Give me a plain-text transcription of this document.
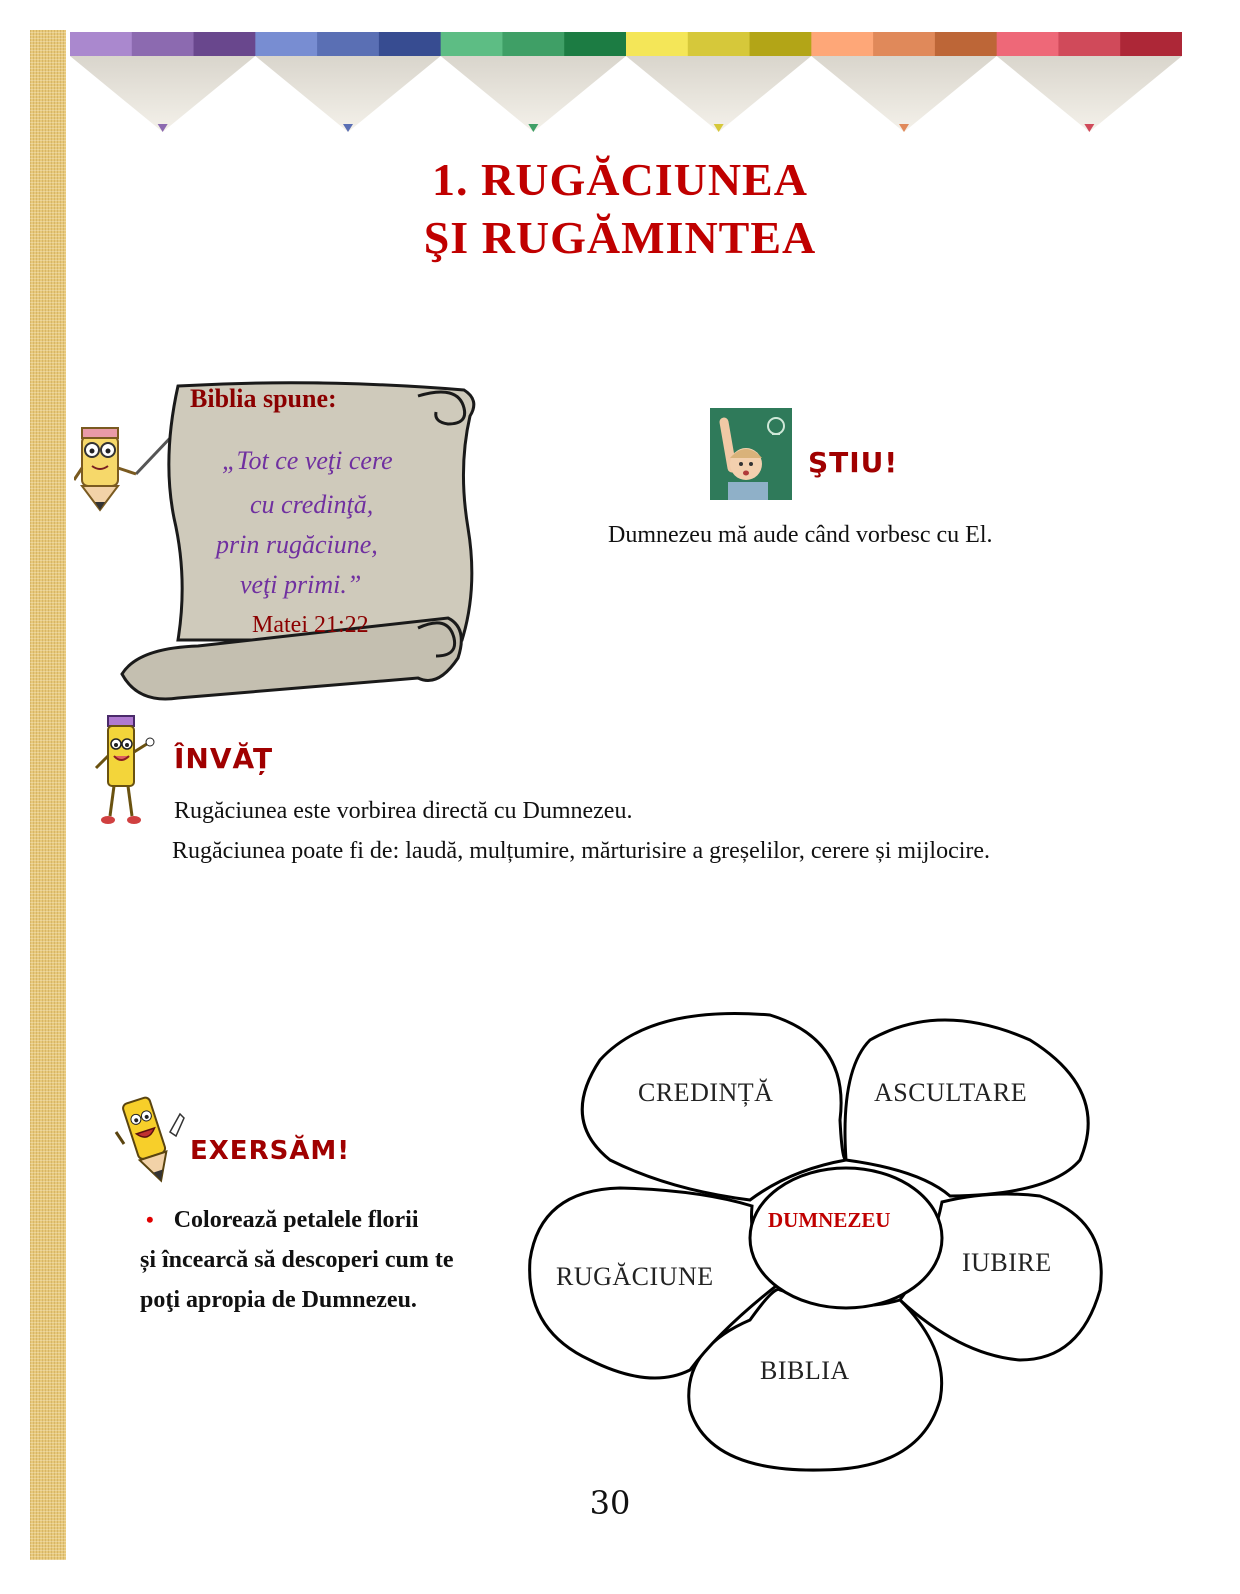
1. RUGĂCIUNEA
ŞI RUGĂMINTEA
Biblia spune:
„Tot ce veţi cere
cu credinţă,
prin rugăciune,
veţi primi.”
Matei 21:22
ŞTIU!
Dumnezeu mă aude când vorbesc cu El.
ÎNVĂȚ
Rugăciunea este vorbirea directă cu Dumnezeu.
Rugăciunea poate fi de: laudă, mulțumire, mărturisire a greșelilor, cerere și mijlocire.
EXERSĂM!
• Colorează petalele florii
și încearcă să descoperi cum te
poţi apropia de Dumnezeu.
CREDINȚĂ	ASCULTARE
IUBIRE
BIBLIA
RUGĂCIUNE
DUMNEZEU
30
